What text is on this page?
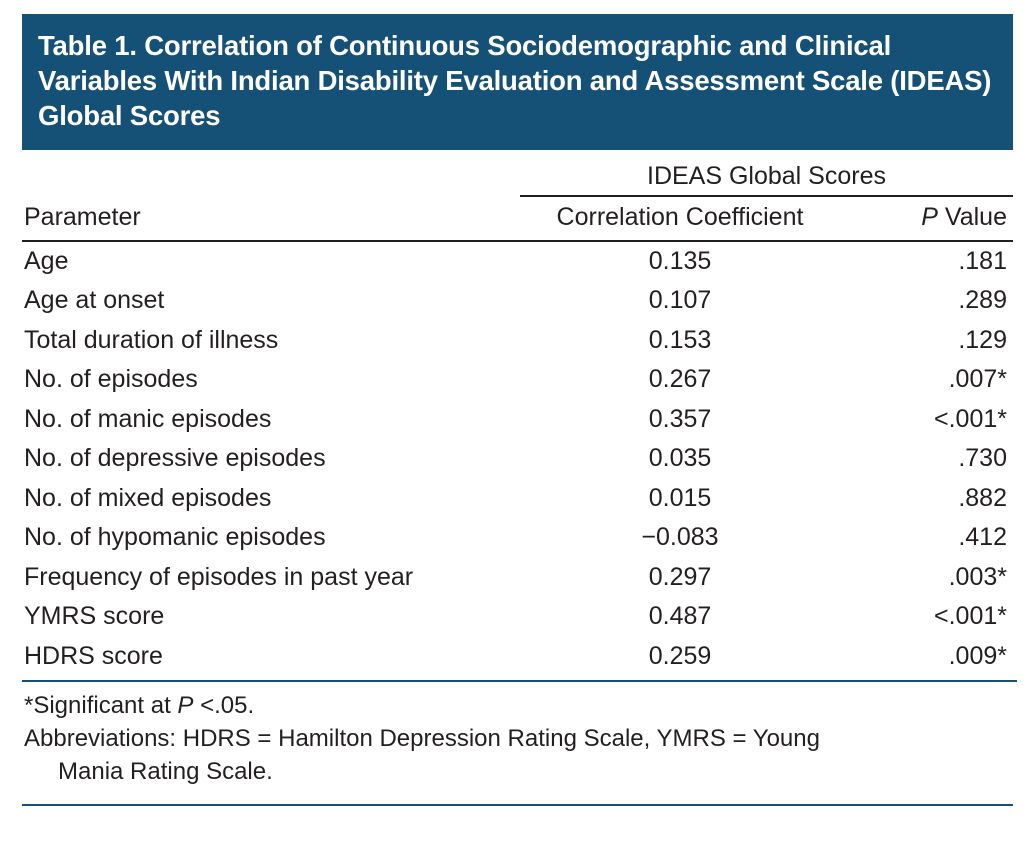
Table 1. Correlation of Continuous Sociodemographic and Clinical Variables With Indian Disability Evaluation and Assessment Scale (IDEAS) Global Scores
	IDEAS Global Scores	
Parameter	Correlation Coefficient	P Value
Age	0.135	.181
Age at onset	0.107	.289
Total duration of illness	0.153	.129
No. of episodes	0.267	.007*
No. of manic episodes	0.357	<.001*
No. of depressive episodes	0.035	.730
No. of mixed episodes	0.015	.882
No. of hypomanic episodes	−0.083	.412
Frequency of episodes in past year	0.297	.003*
YMRS score	0.487	<.001*
HDRS score	0.259	.009*
*Significant at P <.05.
Abbreviations: HDRS = Hamilton Depression Rating Scale, YMRS = Young
Mania Rating Scale.
